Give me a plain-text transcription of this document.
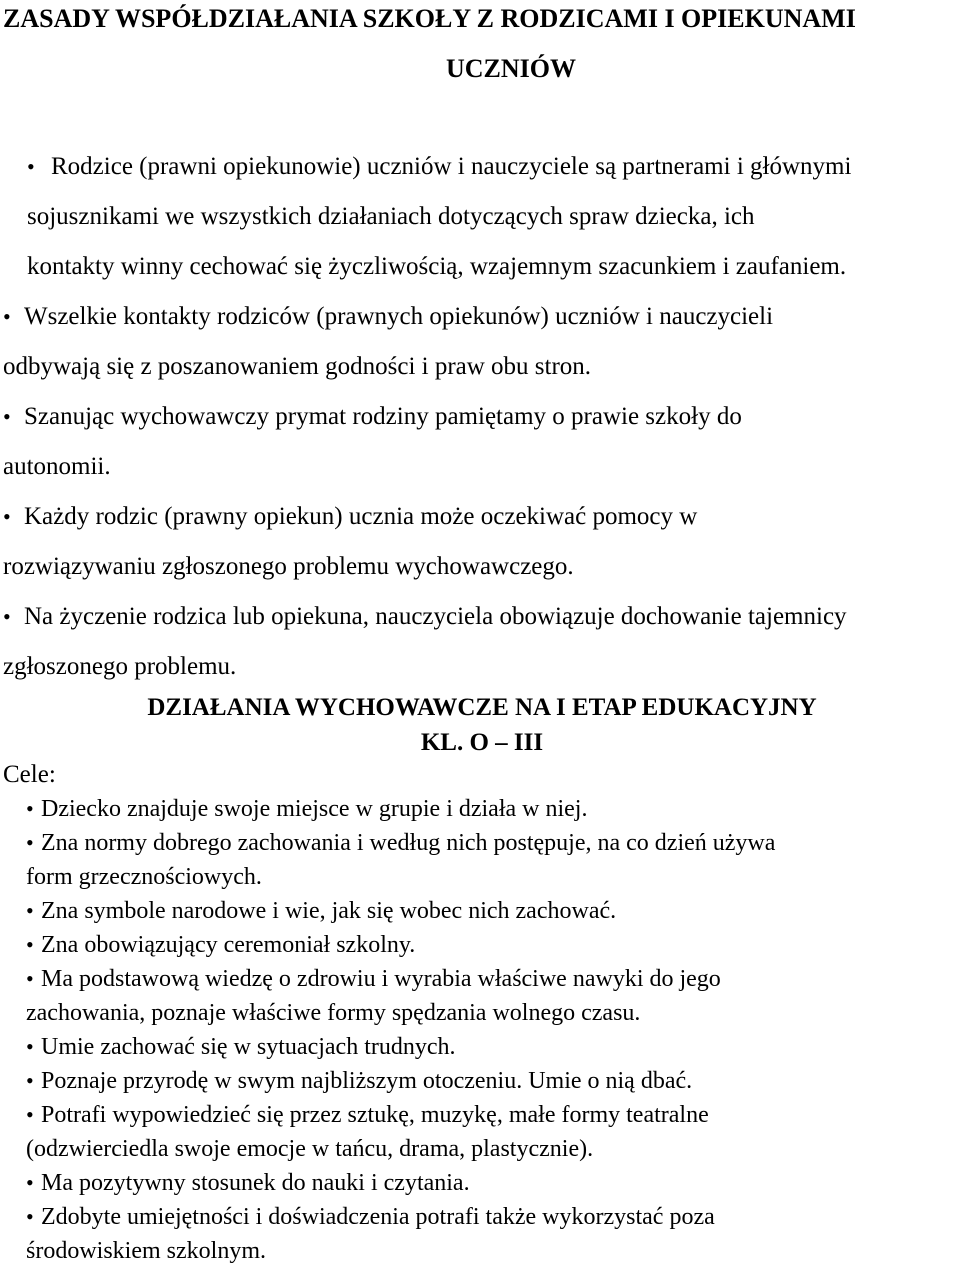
ZASADY WSPÓŁDZIAŁANIA SZKOŁY Z RODZICAMI I OPIEKUNAMI
UCZNIÓW

• Rodzice (prawni opiekunowie) uczniów i nauczyciele są partnerami i głównymi

sojusznikami we wszystkich działaniach dotyczących spraw dziecka, ich

kontakty winny cechować się życzliwością, wzajemnym szacunkiem i zaufaniem.

• Wszelkie kontakty rodziców (prawnych opiekunów) uczniów i nauczycieli

odbywają się z poszanowaniem godności i praw obu stron.

• Szanując wychowawczy prymat rodziny pamiętamy o prawie szkoły do

autonomii.

• Każdy rodzic (prawny opiekun) ucznia może oczekiwać pomocy w

rozwiązywaniu zgłoszonego problemu wychowawczego.

• Na życzenie rodzica lub opiekuna, nauczyciela obowiązuje dochowanie tajemnicy

zgłoszonego problemu.

DZIAŁANIA WYCHOWAWCZE NA I ETAP EDUKACYJNY
KL. O – III
Cele:

• Dziecko znajduje swoje miejsce w grupie i działa w niej.

• Zna normy dobrego zachowania i według nich postępuje, na co dzień używa

form grzecznościowych.

• Zna symbole narodowe i wie, jak się wobec nich zachować.

• Zna obowiązujący ceremoniał szkolny.

• Ma podstawową wiedzę o zdrowiu i wyrabia właściwe nawyki do jego

zachowania, poznaje właściwe formy spędzania wolnego czasu.

• Umie zachować się w sytuacjach trudnych.

• Poznaje przyrodę w swym najbliższym otoczeniu. Umie o nią dbać.

• Potrafi wypowiedzieć się przez sztukę, muzykę, małe formy teatralne

(odzwierciedla swoje emocje w tańcu, drama, plastycznie).

• Ma pozytywny stosunek do nauki i czytania.

• Zdobyte umiejętności i doświadczenia potrafi także wykorzystać poza

środowiskiem szkolnym.
